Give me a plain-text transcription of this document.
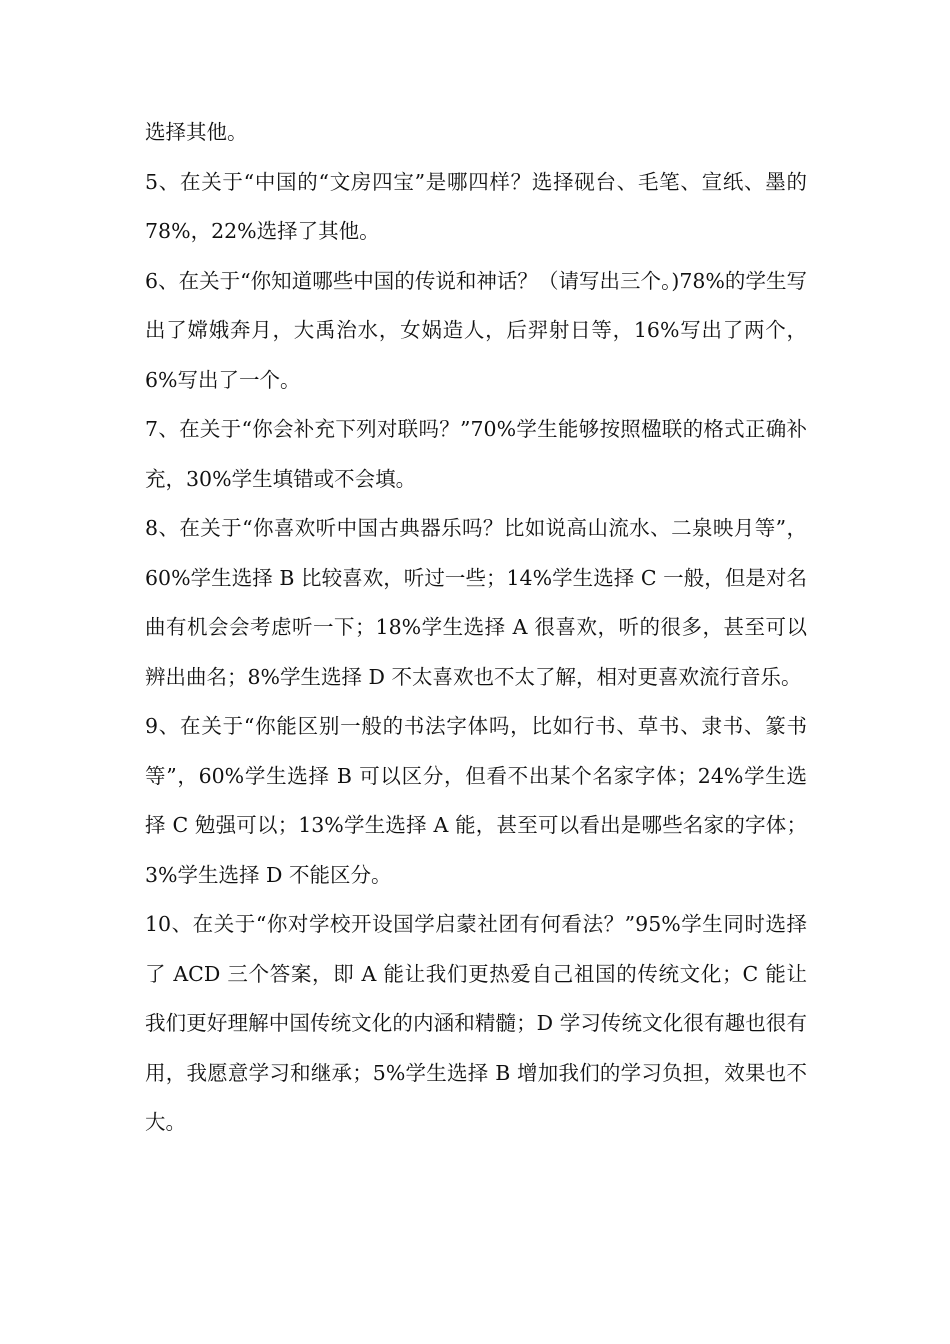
选择其他。

5、在关于“中国的“文房四宝”是哪四样？选择砚台、毛笔、宣纸、墨的 78%，22%选择了其他。

6、在关于“你知道哪些中国的传说和神话？（请写出三个。)78%的学生写出了嫦娥奔月，大禹治水，女娲造人，后羿射日等，16%写出了两个，6%写出了一个。

7、在关于“你会补充下列对联吗？”70%学生能够按照楹联的格式正确补充，30%学生填错或不会填。

8、在关于“你喜欢听中国古典器乐吗？比如说高山流水、二泉映月等”，60%学生选择 B 比较喜欢，听过一些；14%学生选择 C 一般，但是对名曲有机会会考虑听一下；18%学生选择 A 很喜欢，听的很多，甚至可以辨出曲名；8%学生选择 D 不太喜欢也不太了解，相对更喜欢流行音乐。

9、在关于“你能区别一般的书法字体吗，比如行书、草书、隶书、篆书等”，60%学生选择 B 可以区分，但看不出某个名家字体；24%学生选择 C 勉强可以；13%学生选择 A 能，甚至可以看出是哪些名家的字体；3%学生选择 D 不能区分。

10、在关于“你对学校开设国学启蒙社团有何看法？”95%学生同时选择了 ACD 三个答案，即 A 能让我们更热爱自己祖国的传统文化；C 能让我们更好理解中国传统文化的内涵和精髓；D 学习传统文化很有趣也很有用，我愿意学习和继承；5%学生选择 B 增加我们的学习负担，效果也不大。
